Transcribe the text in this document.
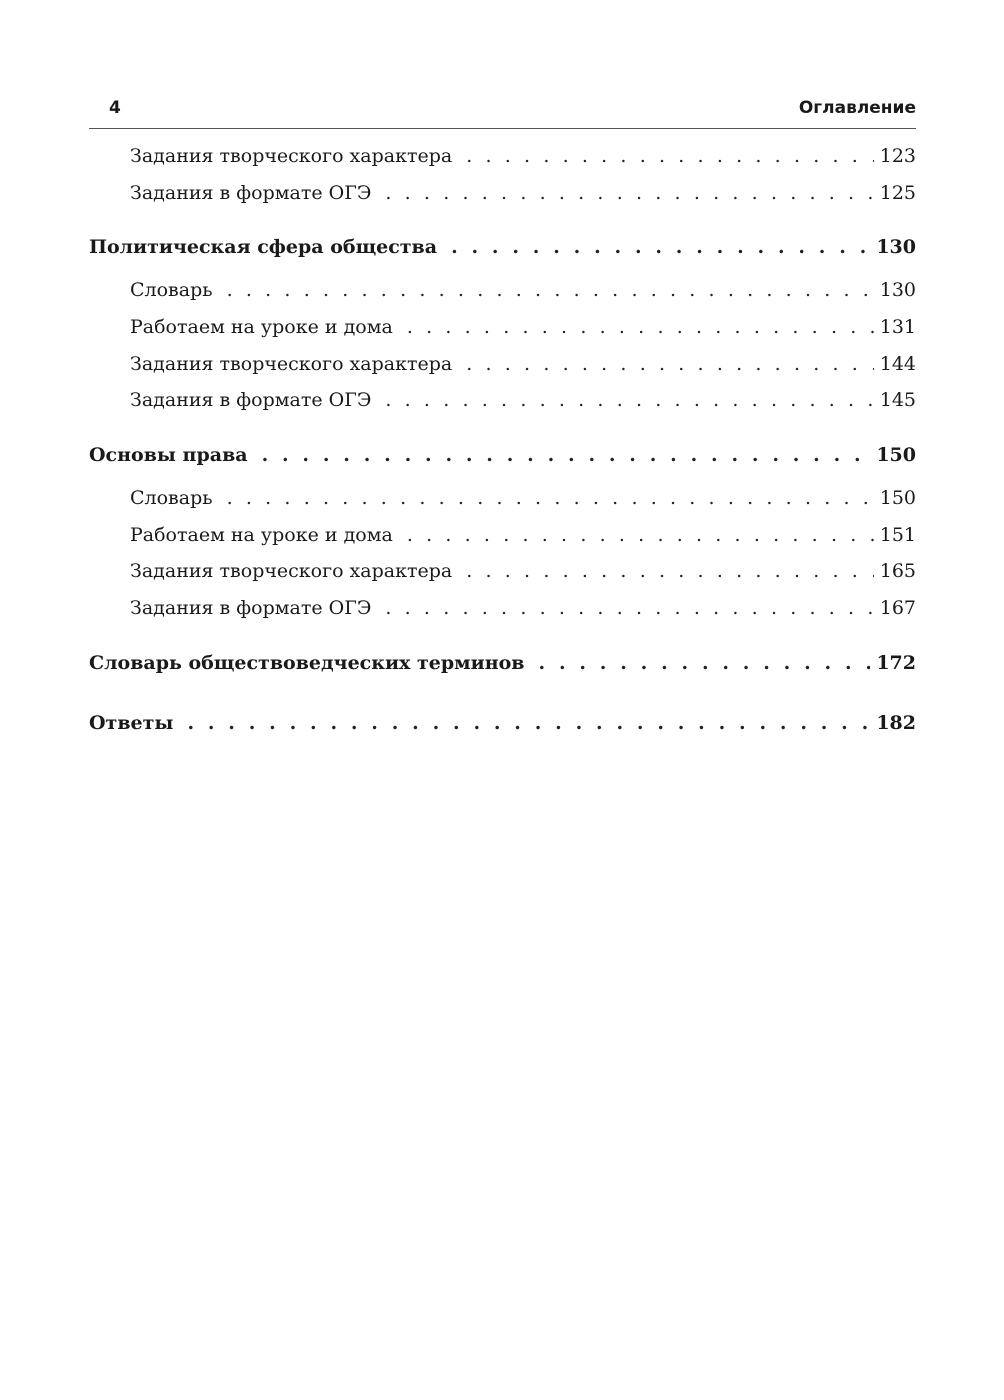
4	Оглавление
Задания творческого характера . . .	123
Задания в формате ОГЭ . . .	125
Политическая сфера общества . . .	130
Словарь . . .	130
Работаем на уроке и дома . . .	131
Задания творческого характера . . .	144
Задания в формате ОГЭ . . .	145
Основы права . . .	150
Словарь . . .	150
Работаем на уроке и дома . . .	151
Задания творческого характера . . .	165
Задания в формате ОГЭ . . .	167
Словарь обществоведческих терминов . . .	172
Ответы . . .	182
